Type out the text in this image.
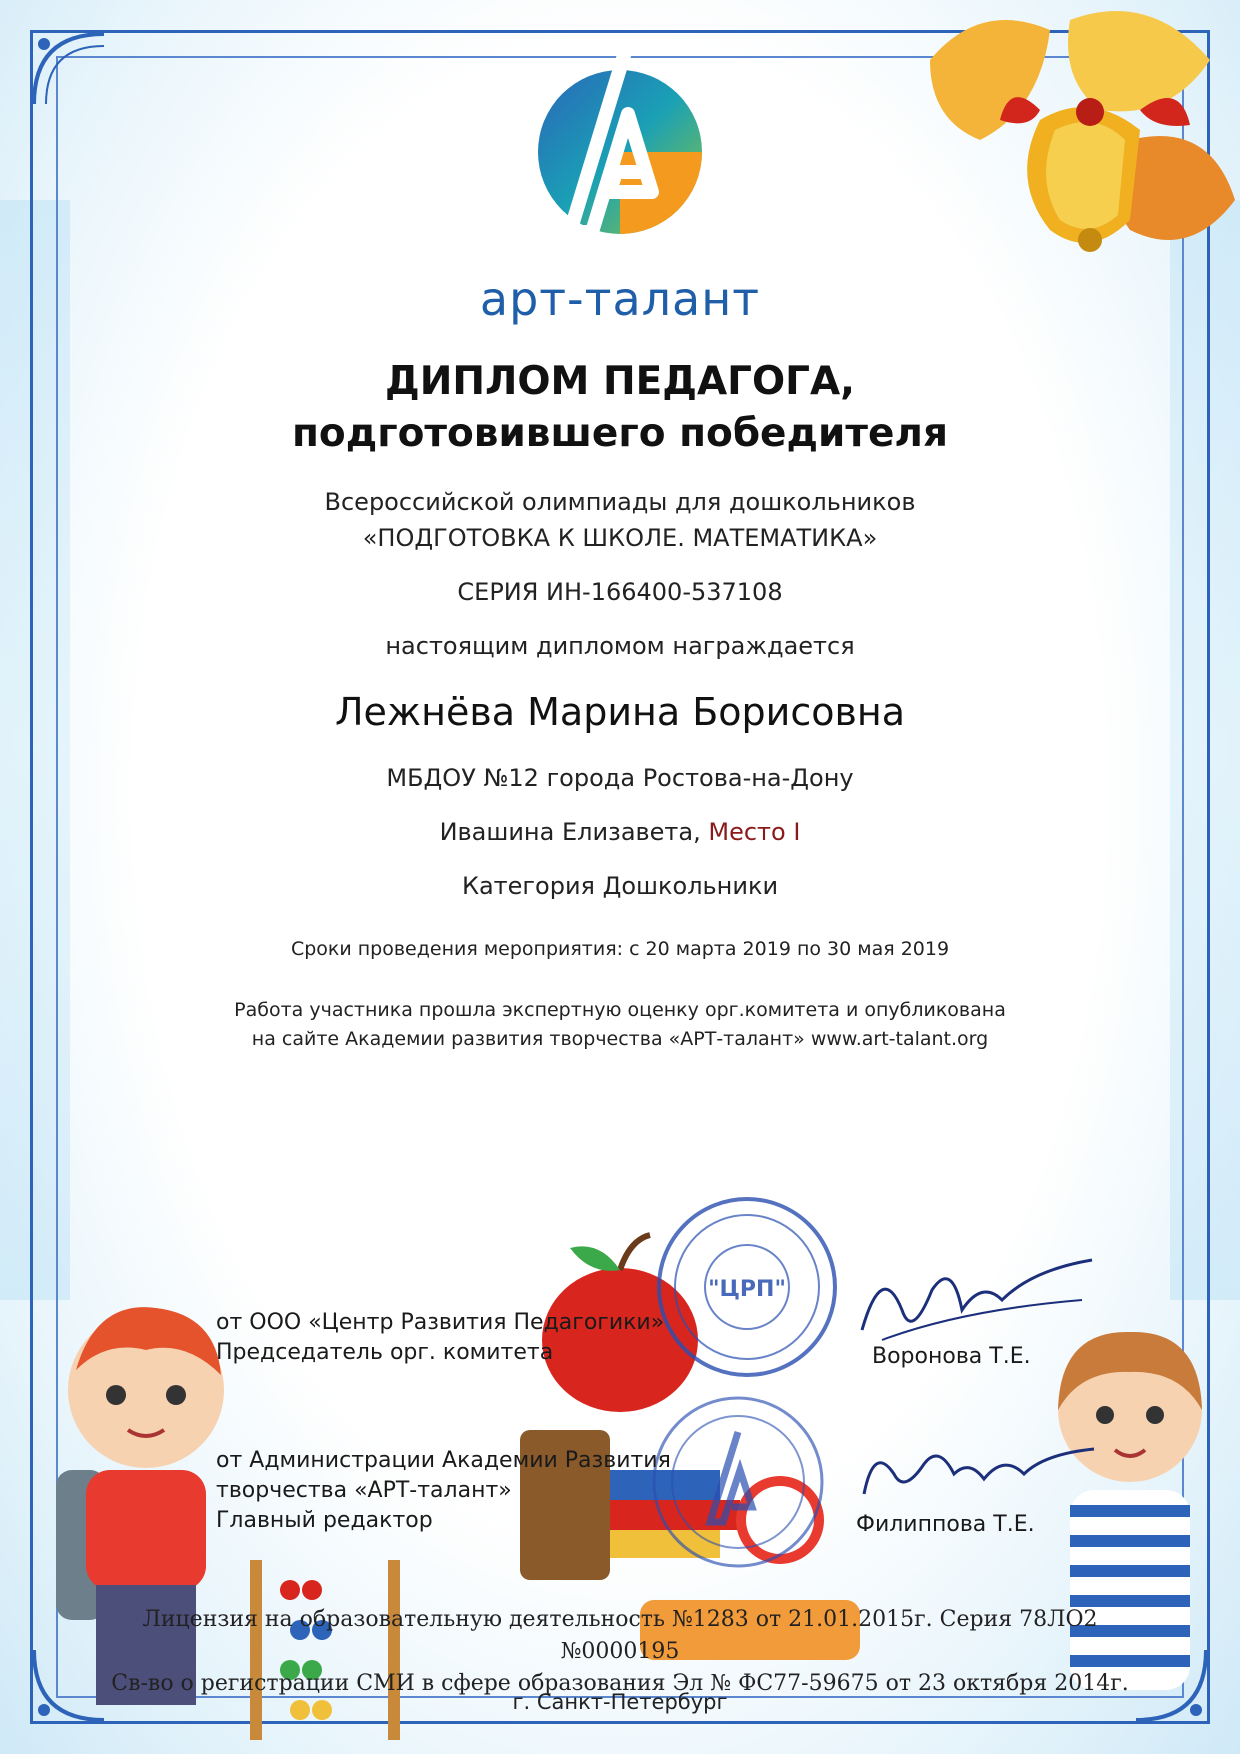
арт-талант
ДИПЛОМ ПЕДАГОГА,
подготовившего победителя
Всероссийской олимпиады для дошкольников
«ПОДГОТОВКА К ШКОЛЕ. МАТЕМАТИКА»
СЕРИЯ ИН-166400-537108
настоящим дипломом награждается
Лежнёва Марина Борисовна
МБДОУ №12 города Ростова-на-Дону
Ивашина Елизавета, Место I
Категория Дошкольники
Сроки проведения мероприятия: с 20 марта 2019 по 30 мая 2019
Работа участника прошла экспертную оценку орг.комитета и опубликована
на сайте Академии развития творчества «АРТ-талант» www.art-talant.org
"ЦРП"
от ООО «Центр Развития Педагогики»
Председатель орг. комитета	Воронова Т.Е.
от Администрации Академии Развития
творчества «АРТ-талант»
Главный редактор	Филиппова Т.Е.
Лицензия на образовательную деятельность №1283 от 21.01.2015г. Серия 78ЛО2 №0000195
Св-во о регистрации СМИ в сфере образования Эл № ФС77-59675 от 23 октября 2014г.
г. Санкт-Петербург
